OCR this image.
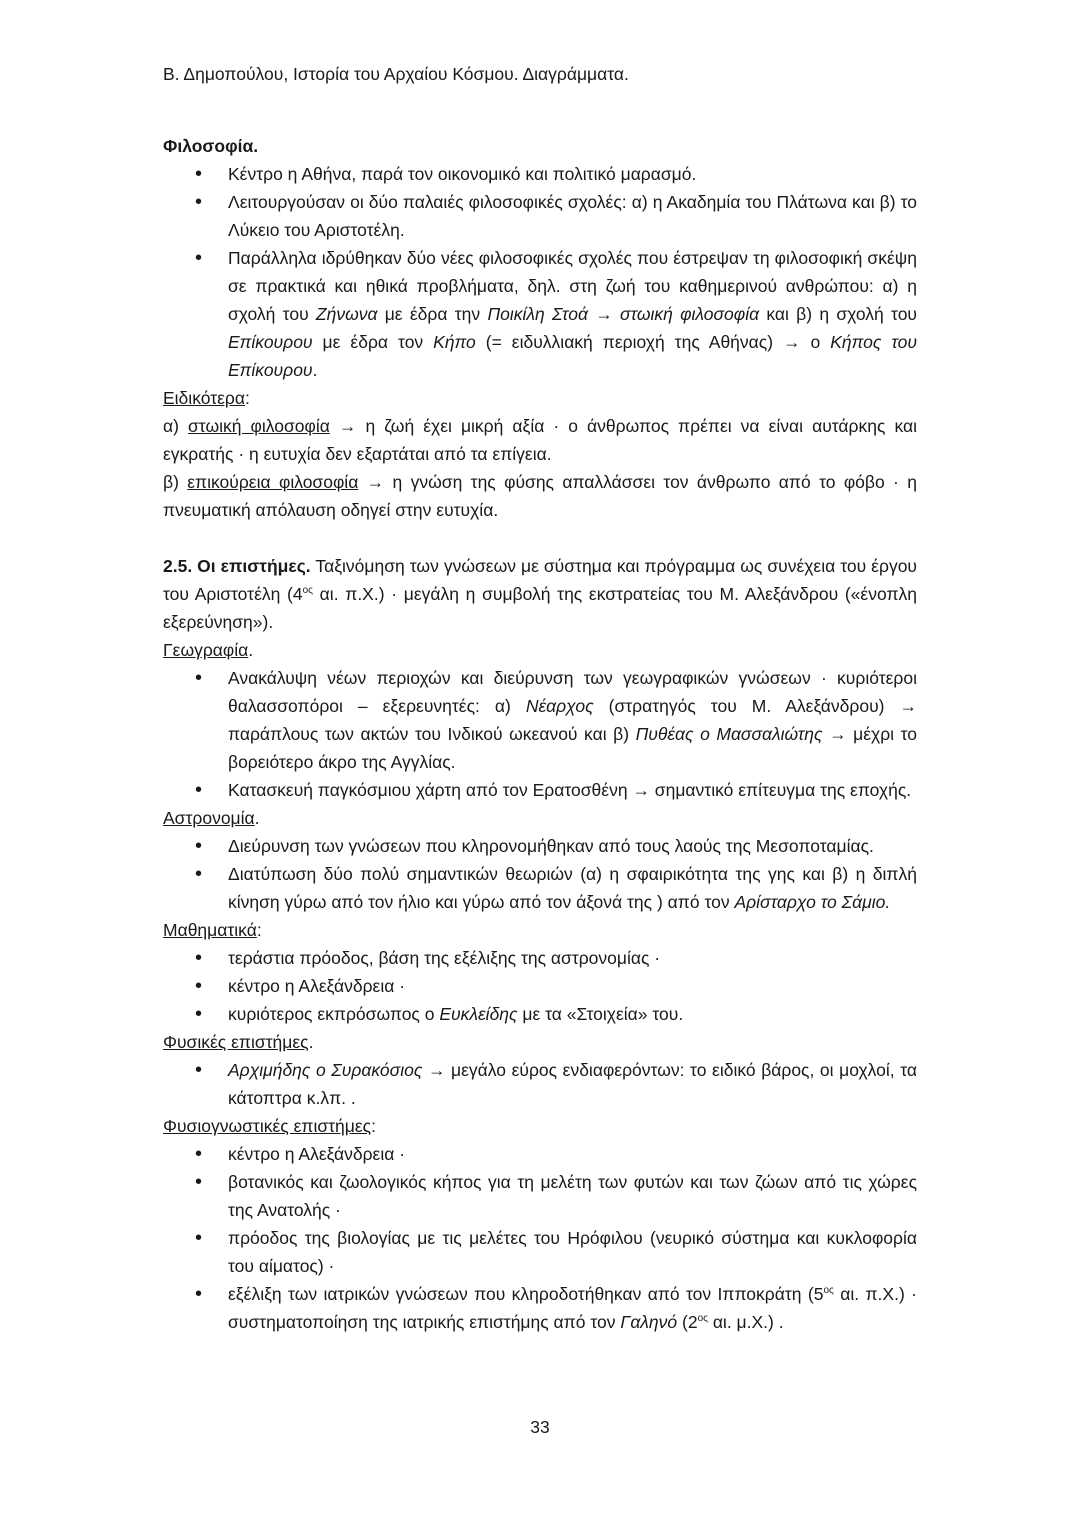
Β. Δημοπούλου, Ιστορία του Αρχαίου Κόσμου. Διαγράμματα.

Φιλοσοφία.

• Κέντρο η Αθήνα, παρά τον οικονομικό και πολιτικό μαρασμό.
• Λειτουργούσαν οι δύο παλαιές φιλοσοφικές σχολές: α) η Ακαδημία του Πλάτωνα και β) το Λύκειο του Αριστοτέλη.
• Παράλληλα ιδρύθηκαν δύο νέες φιλοσοφικές σχολές που έστρεψαν τη φιλοσοφική σκέψη σε πρακτικά και ηθικά προβλήματα, δηλ. στη ζωή του καθημερινού ανθρώπου: α) η σχολή του Ζήνωνα με έδρα την Ποικίλη Στοά → στωική φιλοσοφία και β) η σχολή του Επίκουρου με έδρα τον Κήπο (= ειδυλλιακή περιοχή της Αθήνας) → ο Κήπος του Επίκουρου.

Ειδικότερα:

α) στωική φιλοσοφία → η ζωή έχει μικρή αξία · ο άνθρωπος πρέπει να είναι αυτάρκης και εγκρατής · η ευτυχία δεν εξαρτάται από τα επίγεια.

β) επικούρεια φιλοσοφία → η γνώση της φύσης απαλλάσσει τον άνθρωπο από το φόβο · η πνευματική απόλαυση οδηγεί στην ευτυχία.

2.5. Οι επιστήμες. Ταξινόμηση των γνώσεων με σύστημα και πρόγραμμα ως συνέχεια του έργου του Αριστοτέλη ($4^{o\varsigma}$ αι. π.Χ.) · μεγάλη η συμβολή της εκστρατείας του Μ. Αλεξάνδρου («ένοπλη εξερεύνηση»).

Γεωγραφία.

• Ανακάλυψη νέων περιοχών και διεύρυνση των γεωγραφικών γνώσεων · κυριότεροι θαλασσοπόροι – εξερευνητές: α) Νέαρχος (στρατηγός του Μ. Αλεξάνδρου) → παράπλους των ακτών του Ινδικού ωκεανού και β) Πυθέας ο Μασσαλιώτης → μέχρι το βορειότερο άκρο της Αγγλίας.
• Κατασκευή παγκόσμιου χάρτη από τον Ερατοσθένη → σημαντικό επίτευγμα της εποχής.

Αστρονομία.

• Διεύρυνση των γνώσεων που κληρονομήθηκαν από τους λαούς της Μεσοποταμίας.
• Διατύπωση δύο πολύ σημαντικών θεωριών (α) η σφαιρικότητα της γης και β) η διπλή κίνηση γύρω από τον ήλιο και γύρω από τον άξονά της ) από τον Αρίσταρχο το Σάμιο.

Μαθηματικά:

• τεράστια πρόοδος, βάση της εξέλιξης της αστρονομίας ·
• κέντρο η Αλεξάνδρεια ·
• κυριότερος εκπρόσωπος ο Ευκλείδης με τα «Στοιχεία» του.

Φυσικές επιστήμες.

• Αρχιμήδης ο Συρακόσιος → μεγάλο εύρος ενδιαφερόντων: το ειδικό βάρος, οι μοχλοί, τα κάτοπτρα κ.λπ. .

Φυσιογνωστικές επιστήμες:

• κέντρο η Αλεξάνδρεια ·
• βοτανικός και ζωολογικός κήπος για τη μελέτη των φυτών και των ζώων από τις χώρες της Ανατολής ·
• πρόοδος της βιολογίας με τις μελέτες του Ηρόφιλου (νευρικό σύστημα και κυκλοφορία του αίματος) ·
• εξέλιξη των ιατρικών γνώσεων που κληροδοτήθηκαν από τον Ιπποκράτη ($5^{o\varsigma}$ αι. π.Χ.) · συστηματοποίηση της ιατρικής επιστήμης από τον Γαληνό ($2^{o\varsigma}$ αι. μ.Χ.) .
33
